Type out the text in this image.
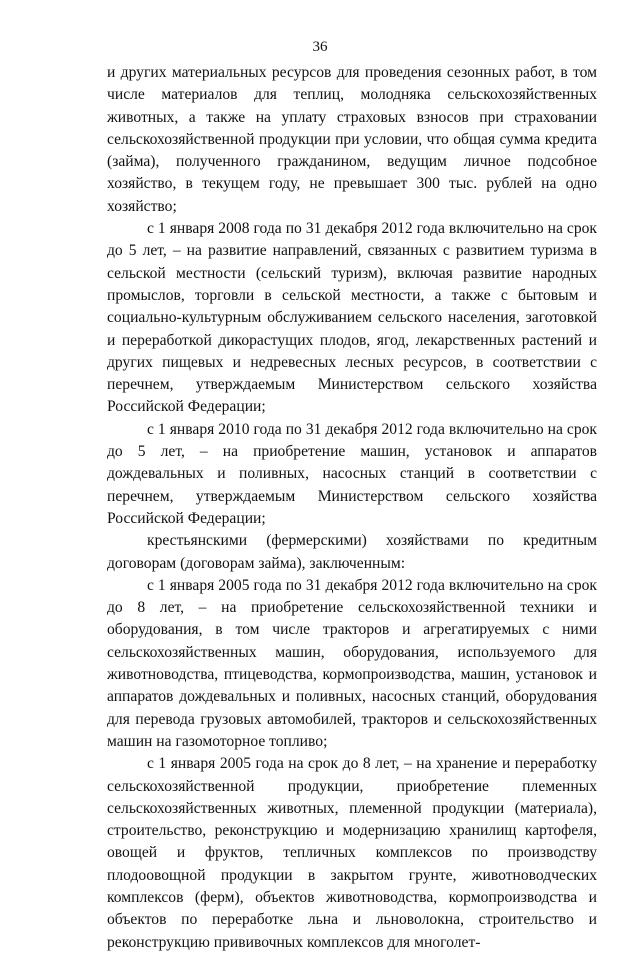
36

и других материальных ресурсов для проведения сезонных работ, в том числе материалов для теплиц, молодняка сельскохозяйственных животных, а также на уплату страховых взносов при страховании сельскохозяйственной продукции при условии, что общая сумма кредита (займа), полученного гражданином, ведущим личное подсобное хозяйство, в текущем году, не превышает 300 тыс. рублей на одно хозяйство;

с 1 января 2008 года по 31 декабря 2012 года включительно на срок до 5 лет, – на развитие направлений, связанных с развитием туризма в сельской местности (сельский туризм), включая развитие народных промыслов, торговли в сельской местности, а также с бытовым и социально-культурным обслуживанием сельского населения, заготовкой и переработкой дикорастущих плодов, ягод, лекарственных растений и других пищевых и недревесных лесных ресурсов, в соответствии с перечнем, утверждаемым Министерством сельского хозяйства Российской Федерации;

с 1 января 2010 года по 31 декабря 2012 года включительно на срок до 5 лет, – на приобретение машин, установок и аппаратов дождевальных и поливных, насосных станций в соответствии с перечнем, утверждаемым Министерством сельского хозяйства Российской Федерации;

крестьянскими (фермерскими) хозяйствами по кредитным договорам (договорам займа), заключенным:

с 1 января 2005 года по 31 декабря 2012 года включительно на срок до 8 лет, – на приобретение сельскохозяйственной техники и оборудования, в том числе тракторов и агрегатируемых с ними сельскохозяйственных машин, оборудования, используемого для животноводства, птицеводства, кормопроизводства, машин, установок и аппаратов дождевальных и поливных, насосных станций, оборудования для перевода грузовых автомобилей, тракторов и сельскохозяйственных машин на газомоторное топливо;

с 1 января 2005 года на срок до 8 лет, – на хранение и переработку сельскохозяйственной продукции, приобретение племенных сельскохозяйственных животных, племенной продукции (материала), строительство, реконструкцию и модернизацию хранилищ картофеля, овощей и фруктов, тепличных комплексов по производству плодоовощной продукции в закрытом грунте, животноводческих комплексов (ферм), объектов животноводства, кормопроизводства и объектов по переработке льна и льноволокна, строительство и реконструкцию прививочных комплексов для многолет-
